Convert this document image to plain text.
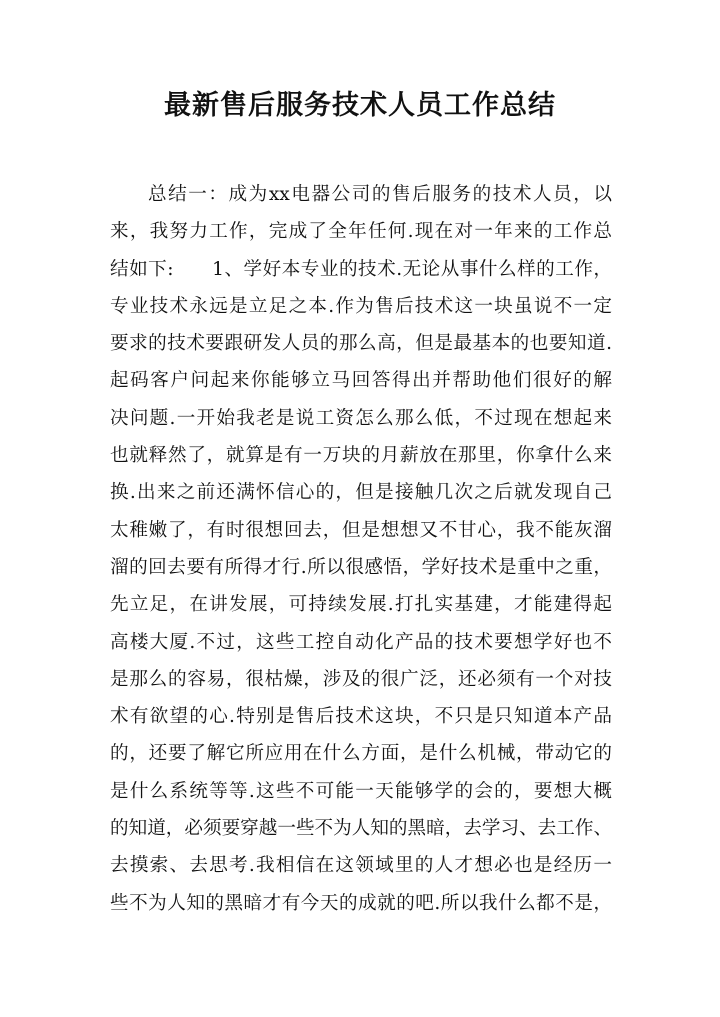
最新售后服务技术人员工作总结
总结一：成为xx电器公司的售后服务的技术人员，以
来，我努力工作，完成了全年任何.现在对一年来的工作总
结如下:　　1、学好本专业的技术.无论从事什么样的工作，
专业技术永远是立足之本.作为售后技术这一块虽说不一定
要求的技术要跟研发人员的那么高，但是最基本的也要知道.
起码客户问起来你能够立马回答得出并帮助他们很好的解
决问题.一开始我老是说工资怎么那么低，不过现在想起来
也就释然了，就算是有一万块的月薪放在那里，你拿什么来
换.出来之前还满怀信心的，但是接触几次之后就发现自己
太稚嫩了，有时很想回去，但是想想又不甘心，我不能灰溜
溜的回去要有所得才行.所以很感悟，学好技术是重中之重，
先立足，在讲发展，可持续发展.打扎实基建，才能建得起
高楼大厦.不过，这些工控自动化产品的技术要想学好也不
是那么的容易，很枯燥，涉及的很广泛，还必须有一个对技
术有欲望的心.特别是售后技术这块，不只是只知道本产品
的，还要了解它所应用在什么方面，是什么机械，带动它的
是什么系统等等.这些不可能一天能够学的会的，要想大概
的知道，必须要穿越一些不为人知的黑暗，去学习、去工作、
去摸索、去思考.我相信在这领域里的人才想必也是经历一
些不为人知的黑暗才有今天的成就的吧.所以我什么都不是，
